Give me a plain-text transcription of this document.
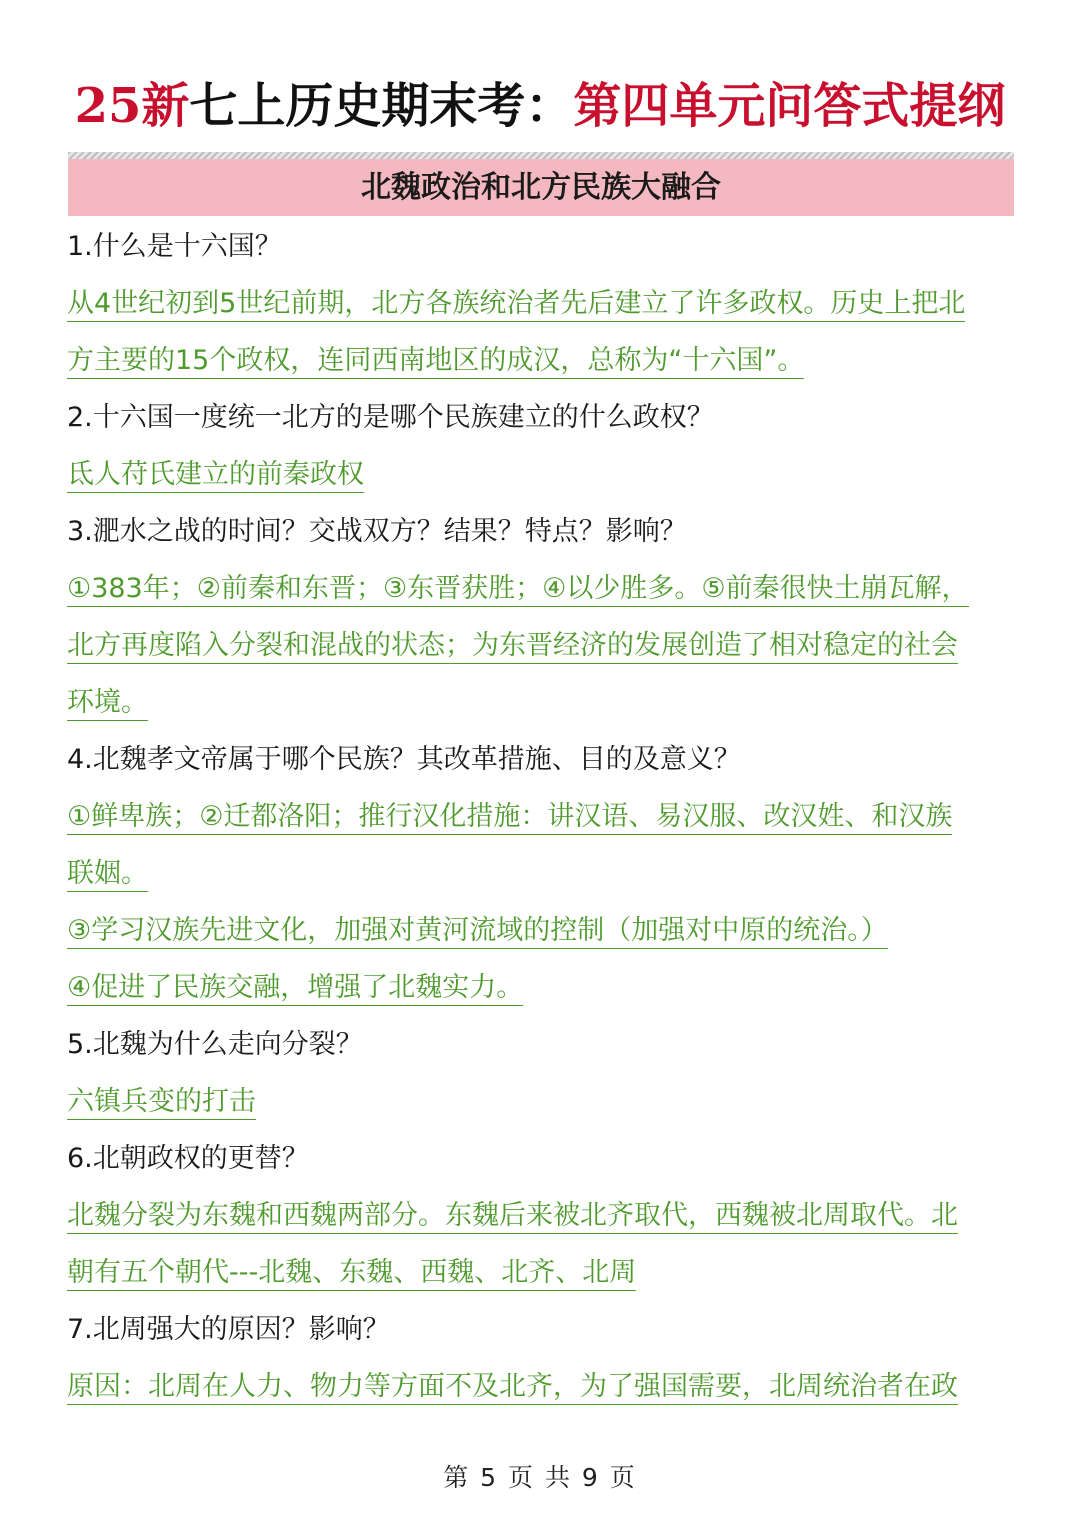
25新七上历史期末考：第四单元问答式提纲
北魏政治和北方民族大融合
1.什么是十六国？
从4世纪初到5世纪前期，北方各族统治者先后建立了许多政权。历史上把北
方主要的15个政权，连同西南地区的成汉，总称为“十六国”。
2.十六国一度统一北方的是哪个民族建立的什么政权？
氐人苻氏建立的前秦政权
3.淝水之战的时间？交战双方？结果？特点？影响？
①383年；②前秦和东晋；③东晋获胜；④以少胜多。⑤前秦很快土崩瓦解，
北方再度陷入分裂和混战的状态；为东晋经济的发展创造了相对稳定的社会
环境。
4.北魏孝文帝属于哪个民族？其改革措施、目的及意义？
①鲜卑族；②迁都洛阳；推行汉化措施：讲汉语、易汉服、改汉姓、和汉族
联姻。
③学习汉族先进文化，加强对黄河流域的控制（加强对中原的统治。）
④促进了民族交融，增强了北魏实力。
5.北魏为什么走向分裂？
六镇兵变的打击
6.北朝政权的更替？
北魏分裂为东魏和西魏两部分。东魏后来被北齐取代，西魏被北周取代。北
朝有五个朝代---北魏、东魏、西魏、北齐、北周
7.北周强大的原因？影响？
原因：北周在人力、物力等方面不及北齐，为了强国需要，北周统治者在政
第 5 页 共 9 页
